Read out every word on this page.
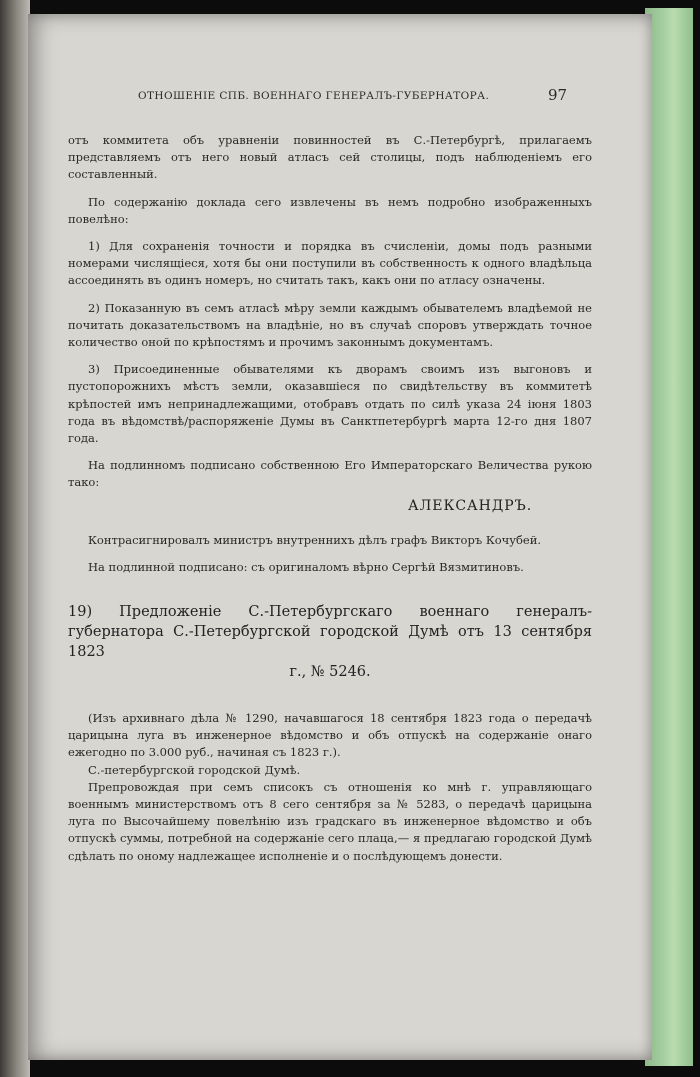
ОТНОШЕНІЕ СПБ. ВОЕННАГО ГЕНЕРАЛЪ-ГУБЕРНАТОРА.	97

отъ коммитета объ уравненіи повинностей въ С.-Петербургѣ, прилагаемъ представляемъ отъ него новый атласъ сей столицы, подъ наблюденіемъ его составленный.

По содержанію доклада сего извлечены въ немъ подробно изображенныхъ повелѣно:

1) Для сохраненія точности и порядка въ счисленіи, домы подъ разными номерами числящіеся, хотя бы они поступили въ собственность к одного владѣльца ассоединять въ одинъ номеръ, но считать такъ, какъ они по атласу означены.

2) Показанную въ семъ атласѣ мѣру земли каждымъ обывателемъ владѣемой не почитать доказательствомъ на владѣніе, но въ случаѣ споровъ утверждать точное количество оной по крѣпостямъ и прочимъ законнымъ документамъ.

3) Присоединенные обывателями къ дворамъ своимъ изъ выгоновъ и пустопорожнихъ мѣстъ земли, оказавшіеся по свидѣтельству въ коммитетѣ крѣпостей имъ непринадлежащими, отобравъ отдать по силѣ указа 24 іюня 1803 года въ вѣдомствѣ/распоряженіе Думы въ Санктпетербургѣ марта 12-го дня 1807 года.

На подлинномъ подписано собственною Его Императорскаго Величества рукою тако:

АЛЕКСАНДРЪ.

Контрасигнировалъ министръ внутреннихъ дѣлъ графъ Викторъ Кочубей.

На подлинной подписано: съ оригиналомъ вѣрно Сергѣй Вязмитиновъ.

19) Предложеніе С.-Петербургскаго военнаго генералъ-губернатора С.-Петербургской городской Думѣ отъ 13 сентября 1823
г., № 5246.

(Изъ архивнаго дѣла № 1290, начавшагося 18 сентября 1823 года о передачѣ царицына луга въ инженерное вѣдомство и объ отпускѣ на содержаніе онаго ежегодно по 3.000 руб., начиная съ 1823 г.).

С.-петербургской городской Думѣ.

Препровождая при семъ списокъ съ отношенія ко мнѣ г. управляющаго военнымъ министерствомъ отъ 8 сего сентября за № 5283, о передачѣ царицына луга по Высочайшему повелѣнію изъ градскаго въ инженерное вѣдомство и объ отпускѣ суммы, потребной на содержаніе сего плаца,— я предлагаю городской Думѣ сдѣлать по оному надлежащее исполненіе и о послѣдующемъ донести.
